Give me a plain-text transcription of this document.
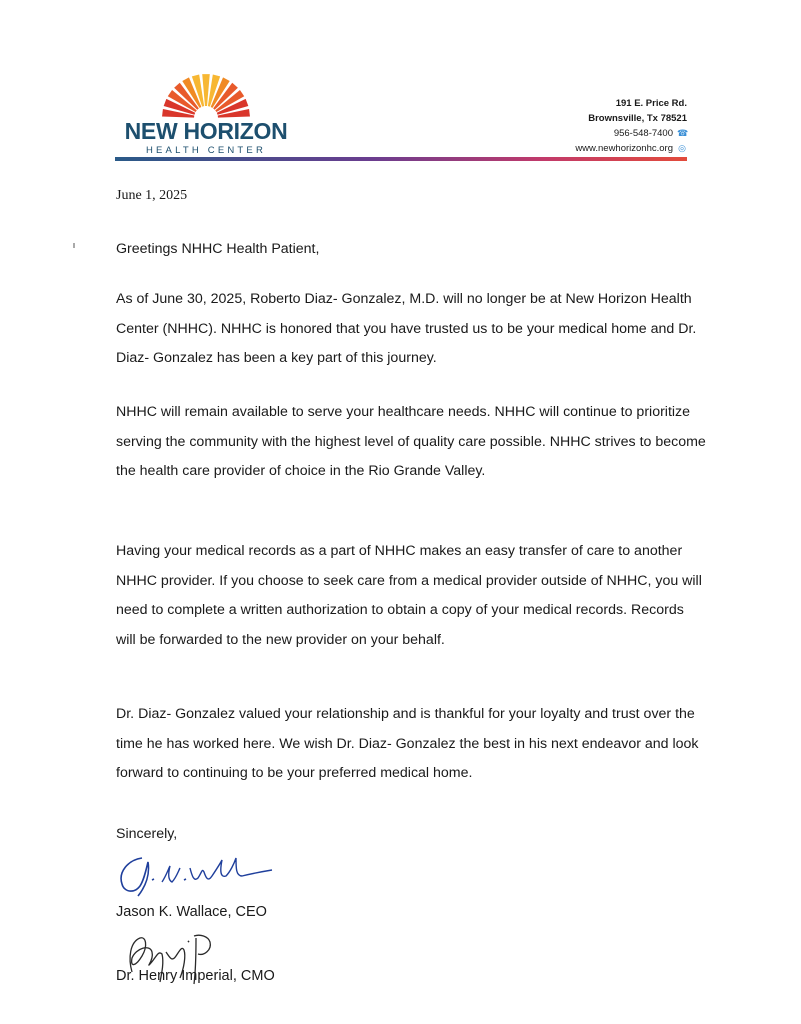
NEW HORIZON
HEALTH CENTER
191 E. Price Rd.
Brownsville, Tx 78521
956-548-7400 ☎
www.newhorizonhc.org ◎
June 1, 2025
Greetings NHHC Health Patient,
As of June 30, 2025, Roberto Diaz- Gonzalez, M.D. will no longer be at New Horizon Health Center (NHHC). NHHC is honored that you have trusted us to be your medical home and Dr. Diaz- Gonzalez has been a key part of this journey.
NHHC will remain available to serve your healthcare needs. NHHC will continue to prioritize serving the community with the highest level of quality care possible. NHHC strives to become the health care provider of choice in the Rio Grande Valley.
Having your medical records as a part of NHHC makes an easy transfer of care to another NHHC provider. If you choose to seek care from a medical provider outside of NHHC, you will need to complete a written authorization to obtain a copy of your medical records. Records will be forwarded to the new provider on your behalf.
Dr. Diaz- Gonzalez valued your relationship and is thankful for your loyalty and trust over the time he has worked here. We wish Dr. Diaz- Gonzalez the best in his next endeavor and look forward to continuing to be your preferred medical home.
Sincerely,
Jason K. Wallace, CEO
Dr. Henry Imperial, CMO
